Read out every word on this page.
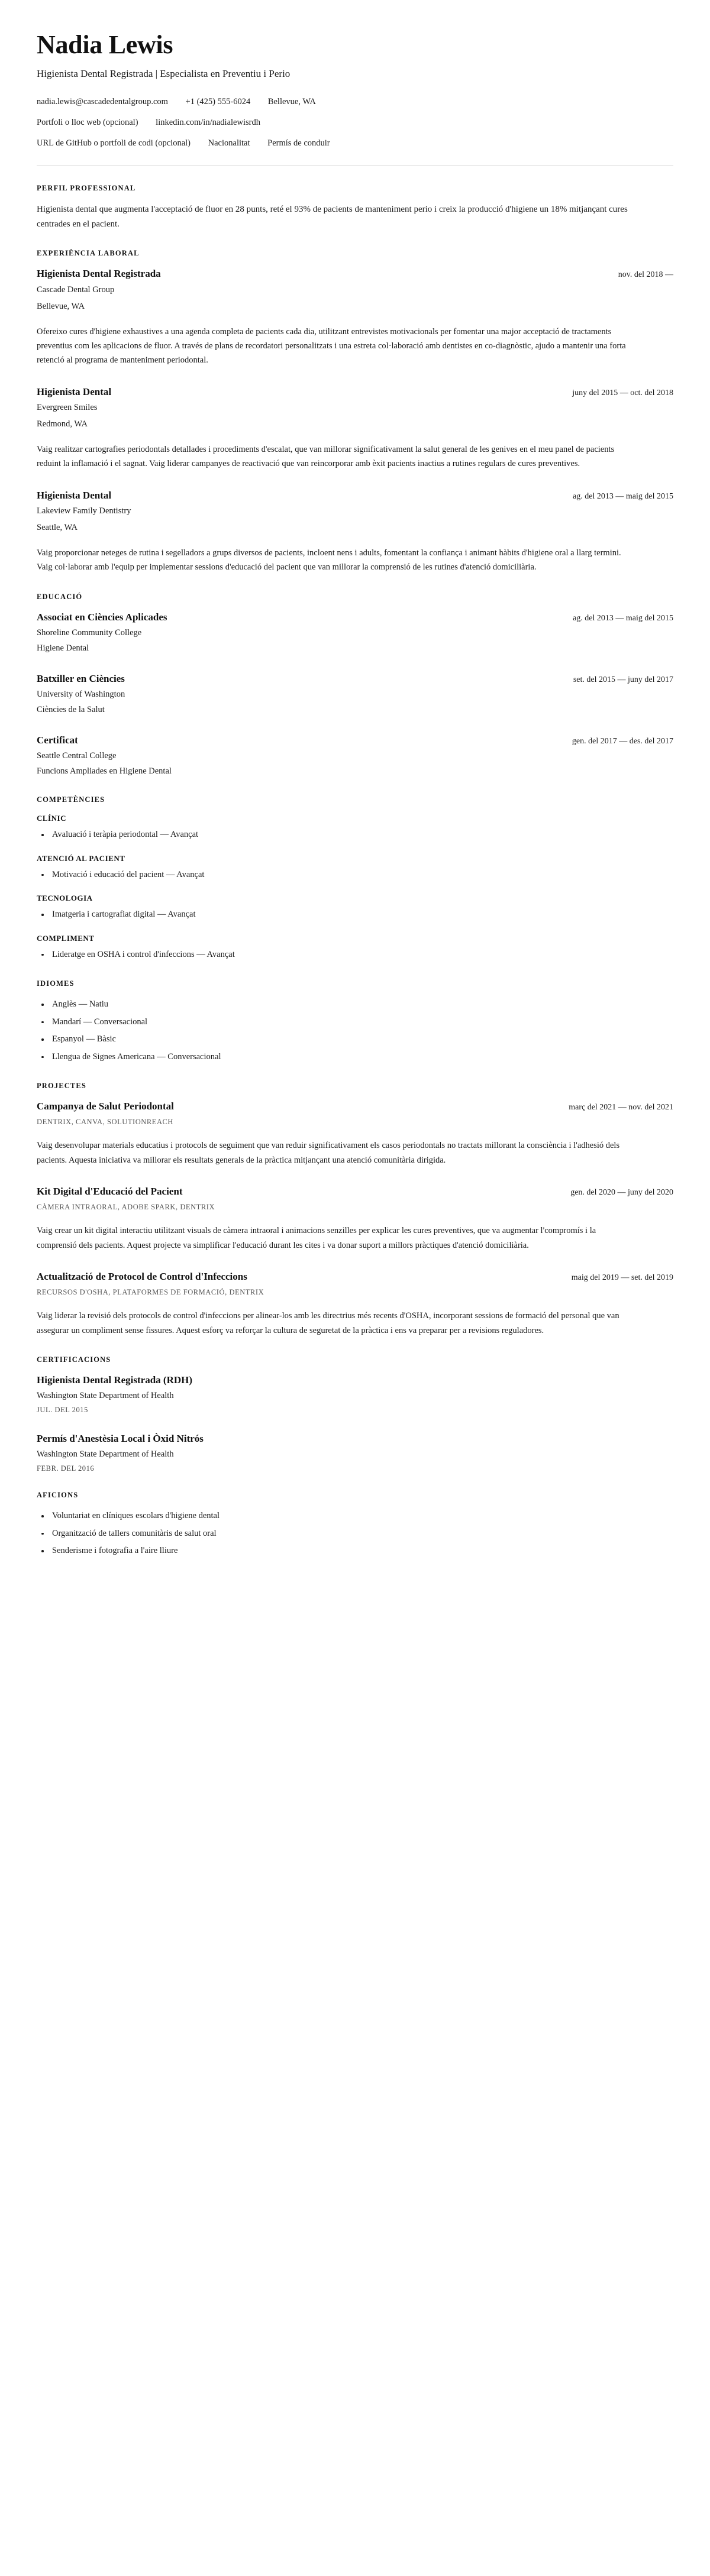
Nadia Lewis

Higienista Dental Registrada | Especialista en Preventiu i Perio

nadia.lewis@cascadedentalgroup.com +1 (425) 555-6024 Bellevue, WA
Portfoli o lloc web (opcional) linkedin.com/in/nadialewisrdh
URL de GitHub o portfoli de codi (opcional) Nacionalitat Permís de conduir
PERFIL PROFESSIONAL

Higienista dental que augmenta l'acceptació de fluor en 28 punts, reté el 93% de pacients de manteniment perio i creix la producció d'higiene un 18% mitjançant cures centrades en el pacient.

EXPERIÈNCIA LABORAL
Higienista Dental Registrada	nov. del 2018 —

Cascade Dental Group

Bellevue, WA

Ofereixo cures d'higiene exhaustives a una agenda completa de pacients cada dia, utilitzant entrevistes motivacionals per fomentar una major acceptació de tractaments preventius com les aplicacions de fluor. A través de plans de recordatori personalitzats i una estreta col·laboració amb dentistes en co-diagnòstic, ajudo a mantenir una forta retenció al programa de manteniment periodontal.

Higienista Dental	juny del 2015 — oct. del 2018

Evergreen Smiles

Redmond, WA

Vaig realitzar cartografies periodontals detallades i procediments d'escalat, que van millorar significativament la salut general de les genives en el meu panel de pacients reduint la inflamació i el sagnat. Vaig liderar campanyes de reactivació que van reincorporar amb èxit pacients inactius a rutines regulars de cures preventives.

Higienista Dental	ag. del 2013 — maig del 2015

Lakeview Family Dentistry

Seattle, WA

Vaig proporcionar neteges de rutina i segelladors a grups diversos de pacients, incloent nens i adults, fomentant la confiança i animant hàbits d'higiene oral a llarg termini. Vaig col·laborar amb l'equip per implementar sessions d'educació del pacient que van millorar la comprensió de les rutines d'atenció domiciliària.

EDUCACIÓ
Associat en Ciències Aplicades	ag. del 2013 — maig del 2015

Shoreline Community College

Higiene Dental

Batxiller en Ciències	set. del 2015 — juny del 2017

University of Washington

Ciències de la Salut

Certificat	gen. del 2017 — des. del 2017

Seattle Central College

Funcions Ampliades en Higiene Dental

COMPETÈNCIES
CLÍNIC
Avaluació i teràpia periodontal — Avançat
ATENCIÓ AL PACIENT
Motivació i educació del pacient — Avançat
TECNOLOGIA
Imatgeria i cartografiat digital — Avançat
COMPLIMENT
Lideratge en OSHA i control d'infeccions — Avançat
IDIOMES
Anglès — Natiu
Mandarí — Conversacional
Espanyol — Bàsic
Llengua de Signes Americana — Conversacional
PROJECTES
Campanya de Salut Periodontal	març del 2021 — nov. del 2021

DENTRIX, CANVA, SOLUTIONREACH

Vaig desenvolupar materials educatius i protocols de seguiment que van reduir significativament els casos periodontals no tractats millorant la consciència i l'adhesió dels pacients. Aquesta iniciativa va millorar els resultats generals de la pràctica mitjançant una atenció comunitària dirigida.

Kit Digital d'Educació del Pacient	gen. del 2020 — juny del 2020

CÀMERA INTRAORAL, ADOBE SPARK, DENTRIX

Vaig crear un kit digital interactiu utilitzant visuals de càmera intraoral i animacions senzilles per explicar les cures preventives, que va augmentar l'compromís i la comprensió dels pacients. Aquest projecte va simplificar l'educació durant les cites i va donar suport a millors pràctiques d'atenció domiciliària.

Actualització de Protocol de Control d'Infeccions	maig del 2019 — set. del 2019

RECURSOS D'OSHA, PLATAFORMES DE FORMACIÓ, DENTRIX

Vaig liderar la revisió dels protocols de control d'infeccions per alinear-los amb les directrius més recents d'OSHA, incorporant sessions de formació del personal que van assegurar un compliment sense fissures. Aquest esforç va reforçar la cultura de seguretat de la pràctica i ens va preparar per a revisions reguladores.

CERTIFICACIONS
Higienista Dental Registrada (RDH)

Washington State Department of Health

JUL. DEL 2015

Permís d'Anestèsia Local i Òxid Nitrós

Washington State Department of Health

FEBR. DEL 2016

AFICIONS
Voluntariat en clíniques escolars d'higiene dental
Organització de tallers comunitàris de salut oral
Senderisme i fotografia a l'aire lliure
